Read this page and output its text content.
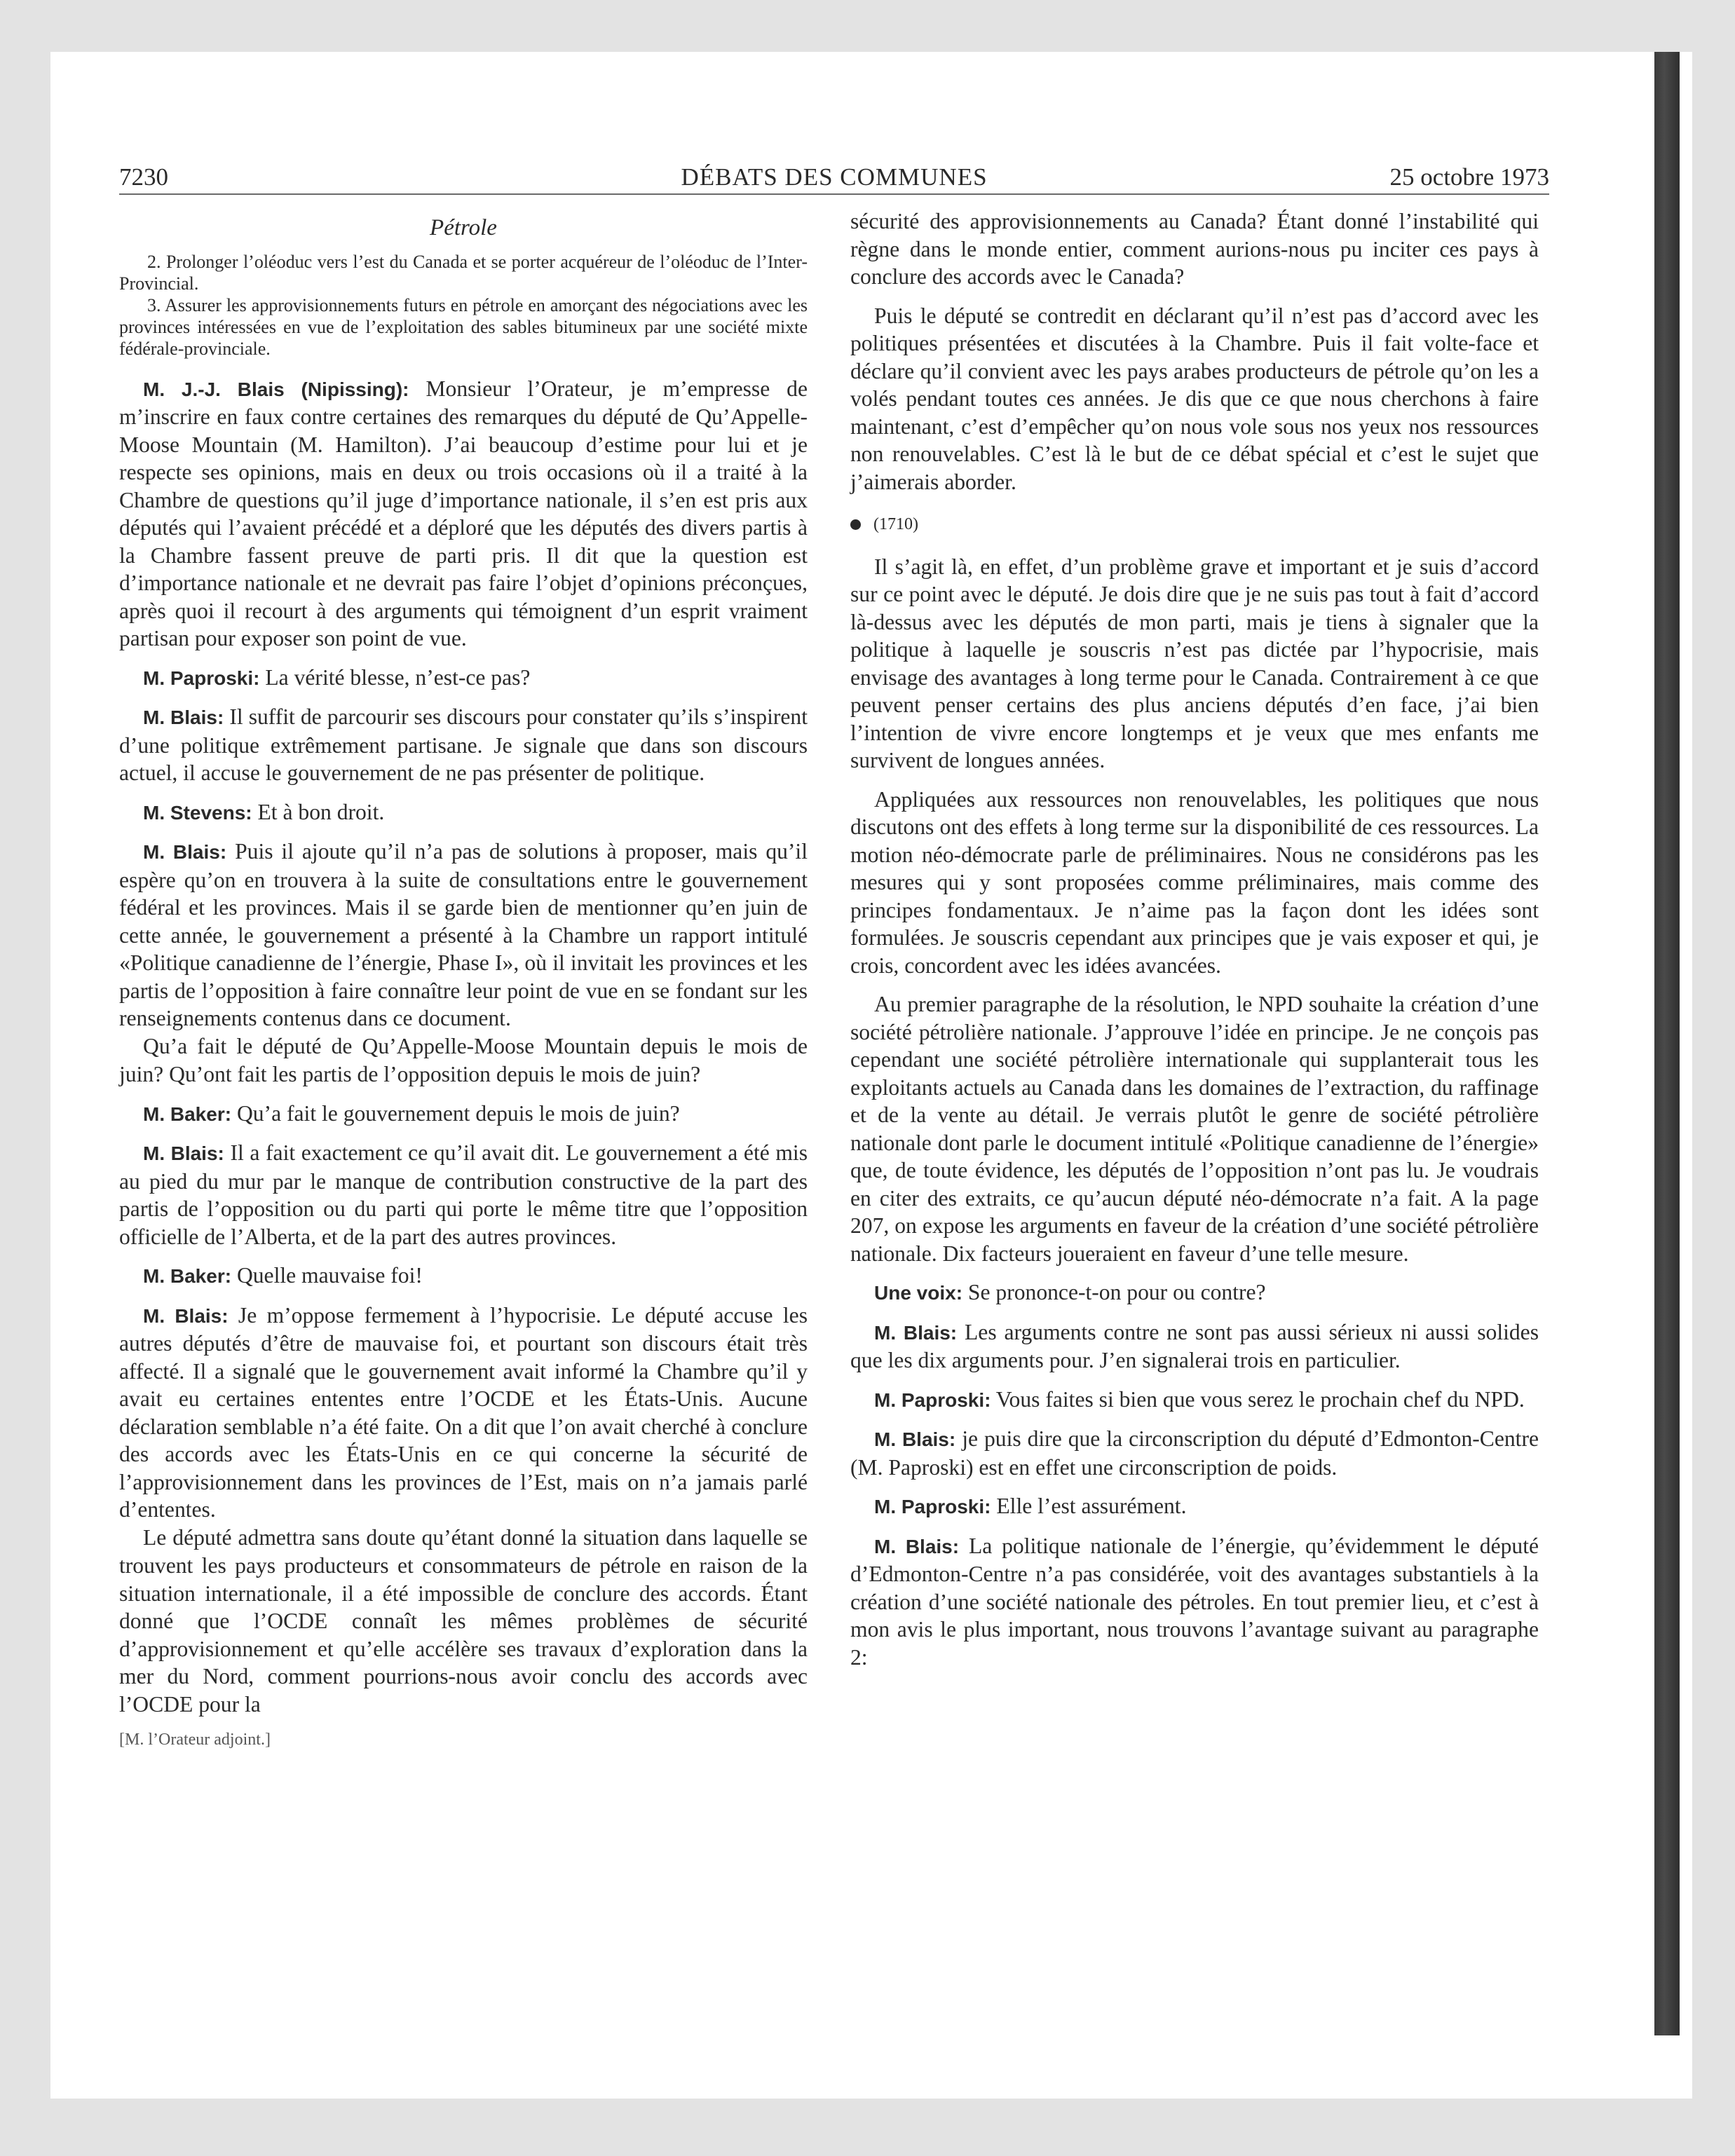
7230	DÉBATS DES COMMUNES	25 octobre 1973
Pétrole

2. Prolonger l’oléoduc vers l’est du Canada et se porter acquéreur de l’oléoduc de l’Inter-Provincial.

3. Assurer les approvisionnements futurs en pétrole en amorçant des négociations avec les provinces intéressées en vue de l’exploitation des sables bitumineux par une société mixte fédérale-provinciale.

M. J.-J. Blais (Nipissing): Monsieur l’Orateur, je m’empresse de m’inscrire en faux contre certaines des remarques du député de Qu’Appelle-Moose Mountain (M. Hamilton). J’ai beaucoup d’estime pour lui et je respecte ses opinions, mais en deux ou trois occasions où il a traité à la Chambre de questions qu’il juge d’importance nationale, il s’en est pris aux députés qui l’avaient précédé et a déploré que les députés des divers partis à la Chambre fassent preuve de parti pris. Il dit que la question est d’importance nationale et ne devrait pas faire l’objet d’opinions préconçues, après quoi il recourt à des arguments qui témoignent d’un esprit vraiment partisan pour exposer son point de vue.

M. Paproski: La vérité blesse, n’est-ce pas?

M. Blais: Il suffit de parcourir ses discours pour constater qu’ils s’inspirent d’une politique extrêmement partisane. Je signale que dans son discours actuel, il accuse le gouvernement de ne pas présenter de politique.

M. Stevens: Et à bon droit.

M. Blais: Puis il ajoute qu’il n’a pas de solutions à proposer, mais qu’il espère qu’on en trouvera à la suite de consultations entre le gouvernement fédéral et les provinces. Mais il se garde bien de mentionner qu’en juin de cette année, le gouvernement a présenté à la Chambre un rapport intitulé «Politique canadienne de l’énergie, Phase I», où il invitait les provinces et les partis de l’opposition à faire connaître leur point de vue en se fondant sur les renseignements contenus dans ce document.

Qu’a fait le député de Qu’Appelle-Moose Mountain depuis le mois de juin? Qu’ont fait les partis de l’opposition depuis le mois de juin?

M. Baker: Qu’a fait le gouvernement depuis le mois de juin?

M. Blais: Il a fait exactement ce qu’il avait dit. Le gouvernement a été mis au pied du mur par le manque de contribution constructive de la part des partis de l’opposition ou du parti qui porte le même titre que l’opposition officielle de l’Alberta, et de la part des autres provinces.

M. Baker: Quelle mauvaise foi!

M. Blais: Je m’oppose fermement à l’hypocrisie. Le député accuse les autres députés d’être de mauvaise foi, et pourtant son discours était très affecté. Il a signalé que le gouvernement avait informé la Chambre qu’il y avait eu certaines ententes entre l’OCDE et les États-Unis. Aucune déclaration semblable n’a été faite. On a dit que l’on avait cherché à conclure des accords avec les États-Unis en ce qui concerne la sécurité de l’approvisionnement dans les provinces de l’Est, mais on n’a jamais parlé d’ententes.

Le député admettra sans doute qu’étant donné la situation dans laquelle se trouvent les pays producteurs et consommateurs de pétrole en raison de la situation internationale, il a été impossible de conclure des accords. Étant donné que l’OCDE connaît les mêmes problèmes de sécurité d’approvisionnement et qu’elle accélère ses travaux d’exploration dans la mer du Nord, comment pourrions-nous avoir conclu des accords avec l’OCDE pour la

[M. l’Orateur adjoint.]

sécurité des approvisionnements au Canada? Étant donné l’instabilité qui règne dans le monde entier, comment aurions-nous pu inciter ces pays à conclure des accords avec le Canada?

Puis le député se contredit en déclarant qu’il n’est pas d’accord avec les politiques présentées et discutées à la Chambre. Puis il fait volte-face et déclare qu’il convient avec les pays arabes producteurs de pétrole qu’on les a volés pendant toutes ces années. Je dis que ce que nous cherchons à faire maintenant, c’est d’empêcher qu’on nous vole sous nos yeux nos ressources non renouvelables. C’est là le but de ce débat spécial et c’est le sujet que j’aimerais aborder.

(1710)

Il s’agit là, en effet, d’un problème grave et important et je suis d’accord sur ce point avec le député. Je dois dire que je ne suis pas tout à fait d’accord là-dessus avec les députés de mon parti, mais je tiens à signaler que la politique à laquelle je souscris n’est pas dictée par l’hypocrisie, mais envisage des avantages à long terme pour le Canada. Contrairement à ce que peuvent penser certains des plus anciens députés d’en face, j’ai bien l’intention de vivre encore longtemps et je veux que mes enfants me survivent de longues années.

Appliquées aux ressources non renouvelables, les politiques que nous discutons ont des effets à long terme sur la disponibilité de ces ressources. La motion néo-démocrate parle de préliminaires. Nous ne considérons pas les mesures qui y sont proposées comme préliminaires, mais comme des principes fondamentaux. Je n’aime pas la façon dont les idées sont formulées. Je souscris cependant aux principes que je vais exposer et qui, je crois, concordent avec les idées avancées.

Au premier paragraphe de la résolution, le NPD souhaite la création d’une société pétrolière nationale. J’approuve l’idée en principe. Je ne conçois pas cependant une société pétrolière internationale qui supplanterait tous les exploitants actuels au Canada dans les domaines de l’extraction, du raffinage et de la vente au détail. Je verrais plutôt le genre de société pétrolière nationale dont parle le document intitulé «Politique canadienne de l’énergie» que, de toute évidence, les députés de l’opposition n’ont pas lu. Je voudrais en citer des extraits, ce qu’aucun député néo-démocrate n’a fait. A la page 207, on expose les arguments en faveur de la création d’une société pétrolière nationale. Dix facteurs joueraient en faveur d’une telle mesure.

Une voix: Se prononce-t-on pour ou contre?

M. Blais: Les arguments contre ne sont pas aussi sérieux ni aussi solides que les dix arguments pour. J’en signalerai trois en particulier.

M. Paproski: Vous faites si bien que vous serez le prochain chef du NPD.

M. Blais: je puis dire que la circonscription du député d’Edmonton-Centre (M. Paproski) est en effet une circonscription de poids.

M. Paproski: Elle l’est assurément.

M. Blais: La politique nationale de l’énergie, qu’évidemment le député d’Edmonton-Centre n’a pas considérée, voit des avantages substantiels à la création d’une société nationale des pétroles. En tout premier lieu, et c’est à mon avis le plus important, nous trouvons l’avantage suivant au paragraphe 2:
